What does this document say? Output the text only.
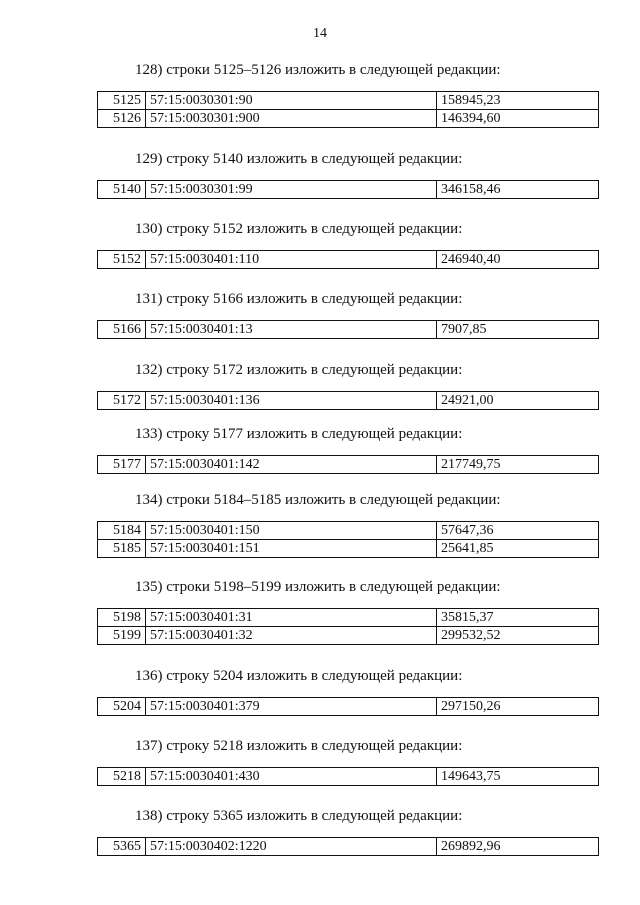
14
128) строки 5125–5126 изложить в следующей редакции:
5125	57:15:0030301:90	158945,23
5126	57:15:0030301:900	146394,60
129) строку 5140 изложить в следующей редакции:
5140	57:15:0030301:99	346158,46
130) строку 5152 изложить в следующей редакции:
5152	57:15:0030401:110	246940,40
131) строку 5166 изложить в следующей редакции:
5166	57:15:0030401:13	7907,85
132) строку 5172 изложить в следующей редакции:
5172	57:15:0030401:136	24921,00
133) строку 5177 изложить в следующей редакции:
5177	57:15:0030401:142	217749,75
134) строки 5184–5185 изложить в следующей редакции:
5184	57:15:0030401:150	57647,36
5185	57:15:0030401:151	25641,85
135) строки 5198–5199 изложить в следующей редакции:
5198	57:15:0030401:31	35815,37
5199	57:15:0030401:32	299532,52
136) строку 5204 изложить в следующей редакции:
5204	57:15:0030401:379	297150,26
137) строку 5218 изложить в следующей редакции:
5218	57:15:0030401:430	149643,75
138) строку 5365 изложить в следующей редакции:
5365	57:15:0030402:1220	269892,96
